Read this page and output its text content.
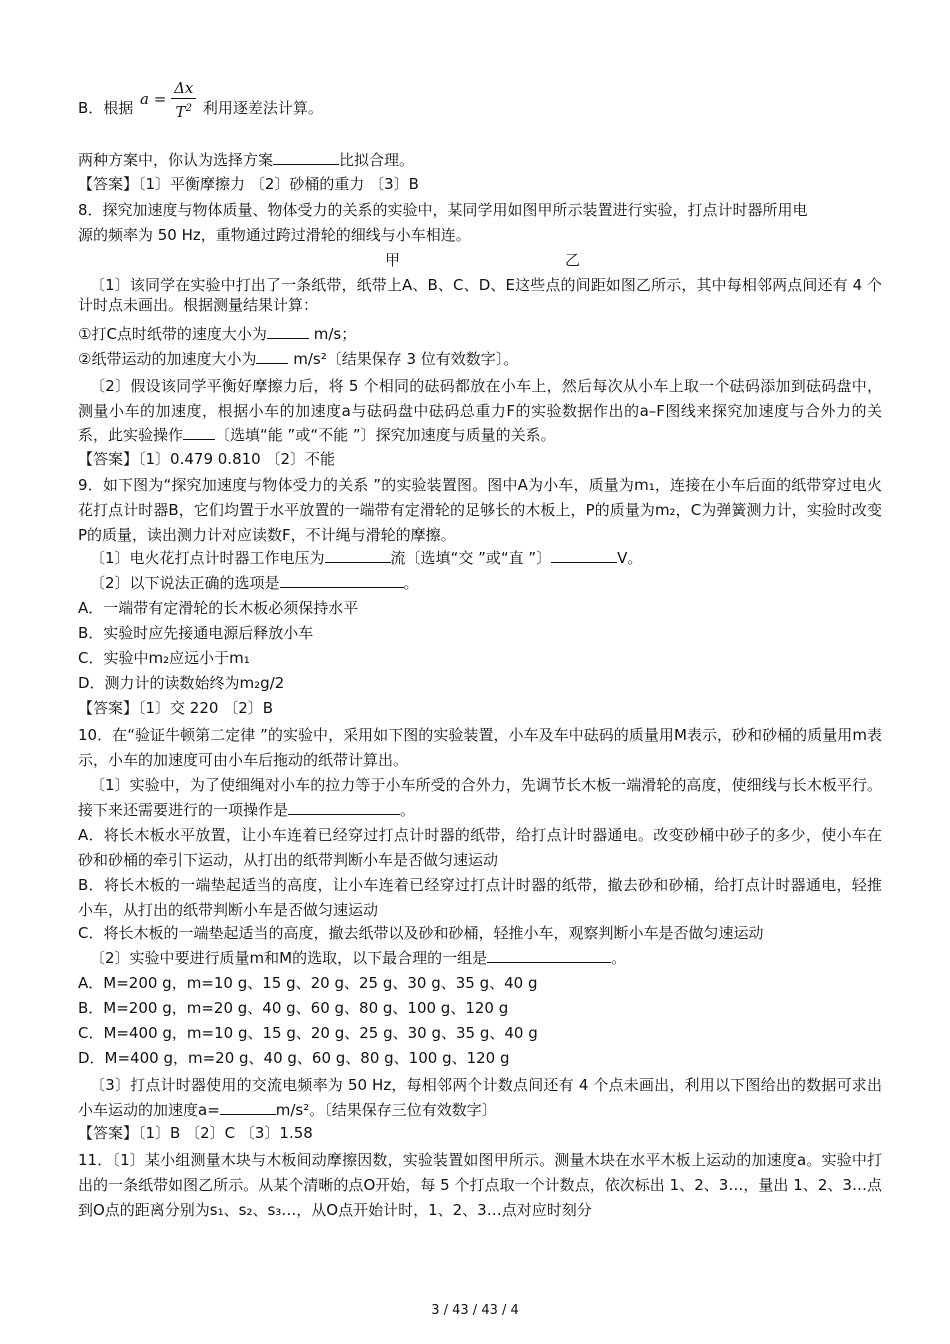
B．根据	利用逐差法计算。
$a = \frac{\Delta x}{T^2}$
两种方案中，你认为选择方案	比拟合理。
【答案】〔1〕平衡摩擦力 〔2〕砂桶的重力 〔3〕B
8．探究加速度与物体质量、物体受力的关系的实验中，某同学用如图甲所示装置进行实验，打点计时器所用电
源的频率为 50 Hz，重物通过跨过滑轮的细线与小车相连。
甲	乙
〔1〕该同学在实验中打出了一条纸带，纸带上A、B、C、D、E这些点的间距如图乙所示，其中每相邻两点间还有 4 个计时点未画出。根据测量结果计算：
①打C点时纸带的速度大小为	m/s；
②纸带运动的加速度大小为 m/s²〔结果保存 3 位有效数字〕。
〔2〕假设该同学平衡好摩擦力后，将 5 个相同的砝码都放在小车上，然后每次从小车上取一个砝码添加到砝码盘中，测量小车的加速度，根据小车的加速度a与砝码盘中砝码总重力F的实验数据作出的a–F图线来探究加速度与合外力的关系，此实验操作 〔选填“能 ”或“不能 ”〕探究加速度与质量的关系。
【答案】〔1〕0.479 0.810 〔2〕不能
9．如下图为“探究加速度与物体受力的关系 ”的实验装置图。图中A为小车，质量为m₁，连接在小车后面的纸带穿过电火花打点计时器B，它们均置于水平放置的一端带有定滑轮的足够长的木板上，P的质量为m₂，C为弹簧测力计，实验时改变P的质量，读出测力计对应读数F，不计绳与滑轮的摩擦。
〔1〕电火花打点计时器工作电压为	流〔选填“交 ”或“直 ”〕	V。
〔2〕以下说法正确的选项是	。
A．一端带有定滑轮的长木板必须保持水平
B．实验时应先接通电源后释放小车
C．实验中m₂应远小于m₁
D．测力计的读数始终为m₂g/2
【答案】〔1〕交 220 〔2〕B
10．在“验证牛顿第二定律 ”的实验中，采用如下图的实验装置，小车及车中砝码的质量用M表示，砂和砂桶的质量用m表示，小车的加速度可由小车后拖动的纸带计算出。
〔1〕实验中，为了使细绳对小车的拉力等于小车所受的合外力，先调节长木板一端滑轮的高度，使细线与长木板平行。接下来还需要进行的一项操作是	。
A．将长木板水平放置，让小车连着已经穿过打点计时器的纸带，给打点计时器通电。改变砂桶中砂子的多少，使小车在砂和砂桶的牵引下运动，从打出的纸带判断小车是否做匀速运动
B．将长木板的一端垫起适当的高度，让小车连着已经穿过打点计时器的纸带，撤去砂和砂桶，给打点计时器通电，轻推小车，从打出的纸带判断小车是否做匀速运动
C．将长木板的一端垫起适当的高度，撤去纸带以及砂和砂桶，轻推小车，观察判断小车是否做匀速运动
〔2〕实验中要进行质量m和M的选取，以下最合理的一组是	。
A．M=200 g，m=10 g、15 g、20 g、25 g、30 g、35 g、40 g
B．M=200 g，m=20 g、40 g、60 g、80 g、100 g、120 g
C．M=400 g，m=10 g、15 g、20 g、25 g、30 g、35 g、40 g
D．M=400 g，m=20 g、40 g、60 g、80 g、100 g、120 g
〔3〕打点计时器使用的交流电频率为 50 Hz，每相邻两个计数点间还有 4 个点未画出，利用以下图给出的数据可求出小车运动的加速度a=	m/s²。〔结果保存三位有效数字〕
【答案】〔1〕B 〔2〕C 〔3〕1.58
11．〔1〕某小组测量木块与木板间动摩擦因数，实验装置如图甲所示。测量木块在水平木板上运动的加速度a。实验中打出的一条纸带如图乙所示。从某个清晰的点O开始，每 5 个打点取一个计数点，依次标出 1、2、3…，量出 1、2、3…点到O点的距离分别为s₁、s₂、s₃…，从O点开始计时，1、2、3…点对应时刻分
3 / 43 / 43 / 4
